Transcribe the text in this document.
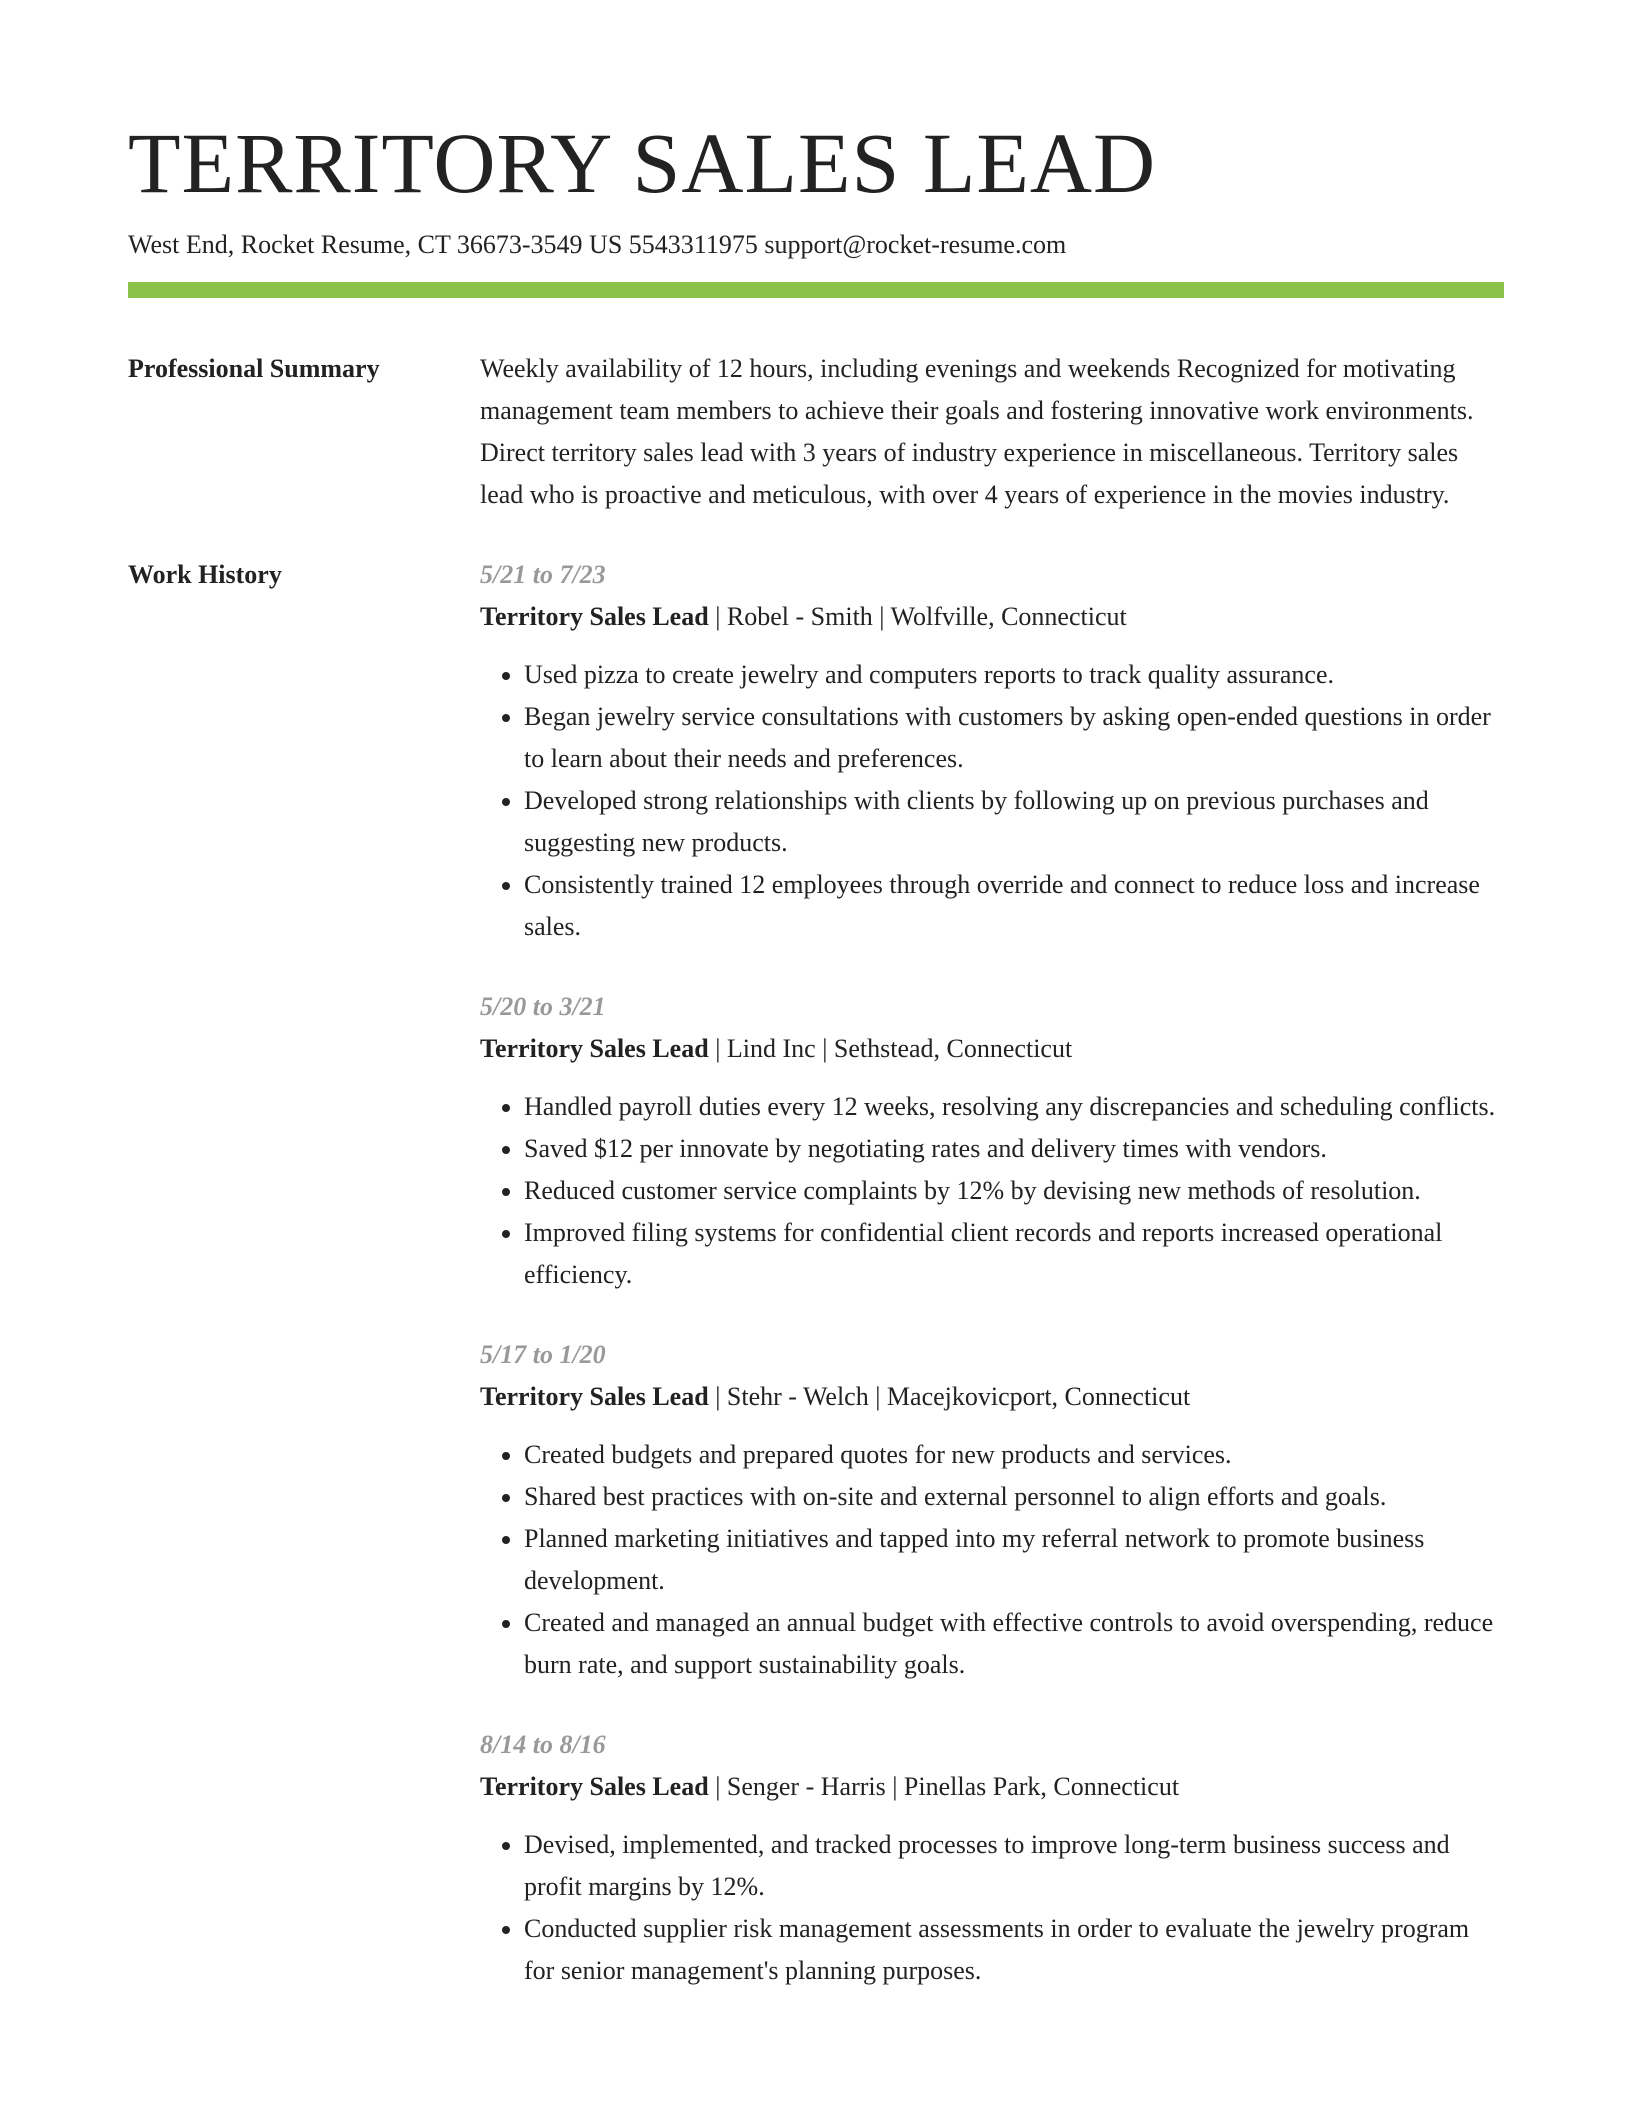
TERRITORY SALES LEAD
West End, Rocket Resume, CT 36673-3549 US 5543311975 support@rocket-resume.com
Professional Summary	Weekly availability of 12 hours, including evenings and weekends Recognized for motivating management team members to achieve their goals and fostering innovative work environments. Direct territory sales lead with 3 years of industry experience in miscellaneous. Territory sales lead who is proactive and meticulous, with over 4 years of experience in the movies industry.

Work History	5/21 to 7/23
Territory Sales Lead | Robel - Smith | Wolfville, Connecticut
• Used pizza to create jewelry and computers reports to track quality assurance.
• Began jewelry service consultations with customers by asking open-ended questions in order to learn about their needs and preferences.
• Developed strong relationships with clients by following up on previous purchases and suggesting new products.
• Consistently trained 12 employees through override and connect to reduce loss and increase sales.
5/20 to 3/21
Territory Sales Lead | Lind Inc | Sethstead, Connecticut
• Handled payroll duties every 12 weeks, resolving any discrepancies and scheduling conflicts.
• Saved $12 per innovate by negotiating rates and delivery times with vendors.
• Reduced customer service complaints by 12% by devising new methods of resolution.
• Improved filing systems for confidential client records and reports increased operational efficiency.
5/17 to 1/20
Territory Sales Lead | Stehr - Welch | Macejkovicport, Connecticut
• Created budgets and prepared quotes for new products and services.
• Shared best practices with on-site and external personnel to align efforts and goals.
• Planned marketing initiatives and tapped into my referral network to promote business development.
• Created and managed an annual budget with effective controls to avoid overspending, reduce burn rate, and support sustainability goals.
8/14 to 8/16
Territory Sales Lead | Senger - Harris | Pinellas Park, Connecticut
• Devised, implemented, and tracked processes to improve long-term business success and profit margins by 12%.
• Conducted supplier risk management assessments in order to evaluate the jewelry program for senior management's planning purposes.
